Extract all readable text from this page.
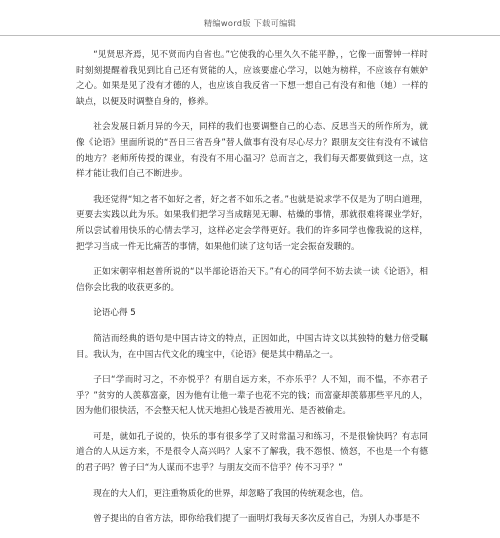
精编word版 下载可编辑

“见贤思齐焉，见不贤而内自省也。”它使我的心里久久不能平静，，它像一面警钟一样时时刻刻提醒着我见到比自己还有贤能的人，应该要虚心学习，以她为榜样，不应该存有嫉妒之心。如果是见了没有才德的人，也应该自我反省一下想一想自己有没有和他（她）一样的缺点，以便及时调整自身的，修养。

社会发展日新月异的今天，同样的我们也要调整自己的心态、反思当天的所作所为，就像《论语》里面所说的“吾日三省吾身”替人做事有没有尽心尽力？跟朋友交往有没有不诚信的地方？老师所传授的课业，有没有不用心温习？总而言之，我们每天都要做到这一点，这样才能让我们自己不断进步。

我还觉得“知之者不如好之者，好之者不如乐之者。”也就是说求学不仅是为了明白道理，更要去实践以此为乐。如果我们把学习当成瞎见无聊、枯燥的事情，那就很难将课业学好，所以尝试着用快乐的心情去学习，这样必定会学得更好。我们的许多同学也像我说的这样，把学习当成一件无比痛苦的事情，如果他们读了这句话一定会振奋发聩的。

正如宋朝宰相赵普所说的“以半部论语治天下。”有心的同学何不妨去读一读《论语》，相信你会比我的收获更多的。

论语心得 5

简洁而经典的语句是中国古诗文的特点，正因如此，中国古诗文以其独特的魅力倍受瞩目。我认为，在中国古代文化的瑰宝中，《论语》便是其中精品之一。

子曰“学而时习之，不亦悦乎？有朋自远方来，不亦乐乎？人不知，而不愠，不亦君子乎？”贫穷的人羡慕富豪，因为他有让他一辈子也花不完的钱；而富豪却羡慕那些平凡的人，因为他们很快活，不会整天杞人忧天地担心钱是否被用光、是否被偷走。

可是，就如孔子说的，快乐的事有很多学了又时常温习和练习，不是很愉快吗？有志同道合的人从远方来，不是很令人高兴吗？人家不了解我，我不怨恨、愤怒，不也是一个有德的君子吗？曾子曰“为人谋而不忠乎？与朋友交而不信乎？传不习乎？”

现在的大人们，更注重物质化的世界，却忽略了我国的传统观念也，信。

曾子提出的自省方法，即你给我们提了一面明灯我每天多次反省自己，为别人办事是不
